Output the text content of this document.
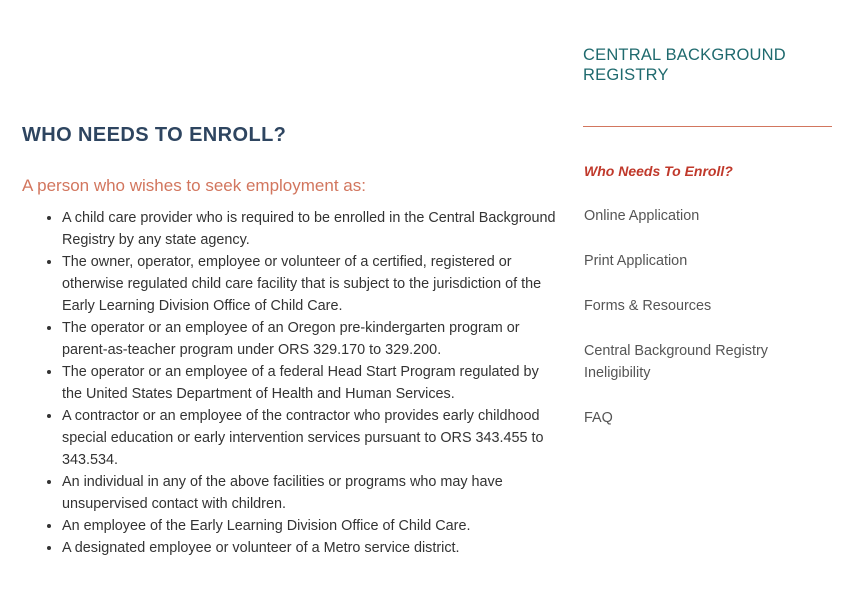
WHO NEEDS TO ENROLL?
A person who wishes to seek employment as:
• A child care provider who is required to be enrolled in the Central Background Registry by any state agency.
• The owner, operator, employee or volunteer of a certified, registered or otherwise regulated child care facility that is subject to the jurisdiction of the Early Learning Division Office of Child Care.
• The operator or an employee of an Oregon pre-kindergarten program or parent-as-teacher program under ORS 329.170 to 329.200.
• The operator or an employee of a federal Head Start Program regulated by the United States Department of Health and Human Services.
• A contractor or an employee of the contractor who provides early childhood special education or early intervention services pursuant to ORS 343.455 to 343.534.
• An individual in any of the above facilities or programs who may have unsupervised contact with children.
• An employee of the Early Learning Division Office of Child Care.
• A designated employee or volunteer of a Metro service district.
CENTRAL BACKGROUND REGISTRY
Who Needs To Enroll?
Online Application
Print Application
Forms & Resources
Central Background Registry Ineligibility
FAQ
